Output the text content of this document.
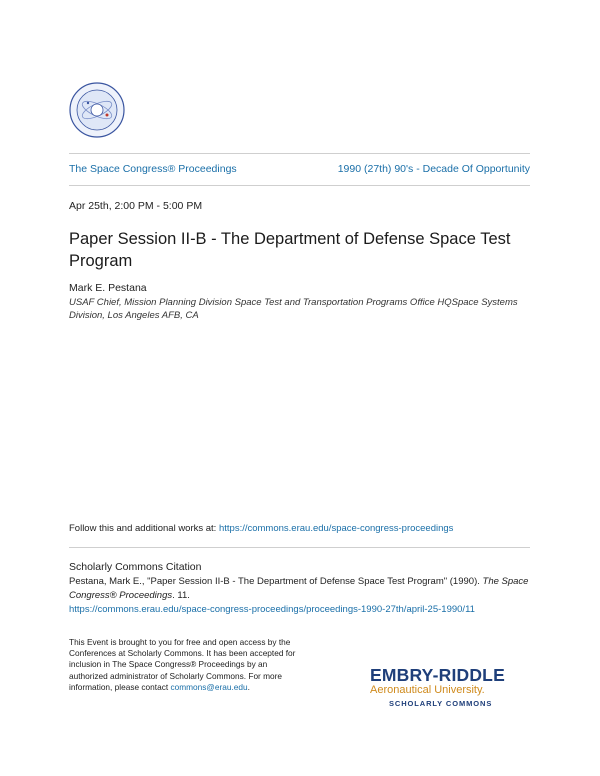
The Space Congress® Proceedings	1990 (27th) 90's - Decade Of Opportunity
Apr 25th, 2:00 PM - 5:00 PM
Paper Session II-B - The Department of Defense Space Test Program
Mark E. Pestana
USAF Chief, Mission Planning Division Space Test and Transportation Programs Office HQSpace Systems Division, Los Angeles AFB, CA
Follow this and additional works at: https://commons.erau.edu/space-congress-proceedings
Scholarly Commons Citation
Pestana, Mark E., "Paper Session II-B - The Department of Defense Space Test Program" (1990). The Space Congress® Proceedings. 11.
https://commons.erau.edu/space-congress-proceedings/proceedings-1990-27th/april-25-1990/11
This Event is brought to you for free and open access by the Conferences at Scholarly Commons. It has been accepted for inclusion in The Space Congress® Proceedings by an authorized administrator of Scholarly Commons. For more information, please contact commons@erau.edu.
EMBRY-RIDDLE
Aeronautical University.
SCHOLARLY COMMONS
